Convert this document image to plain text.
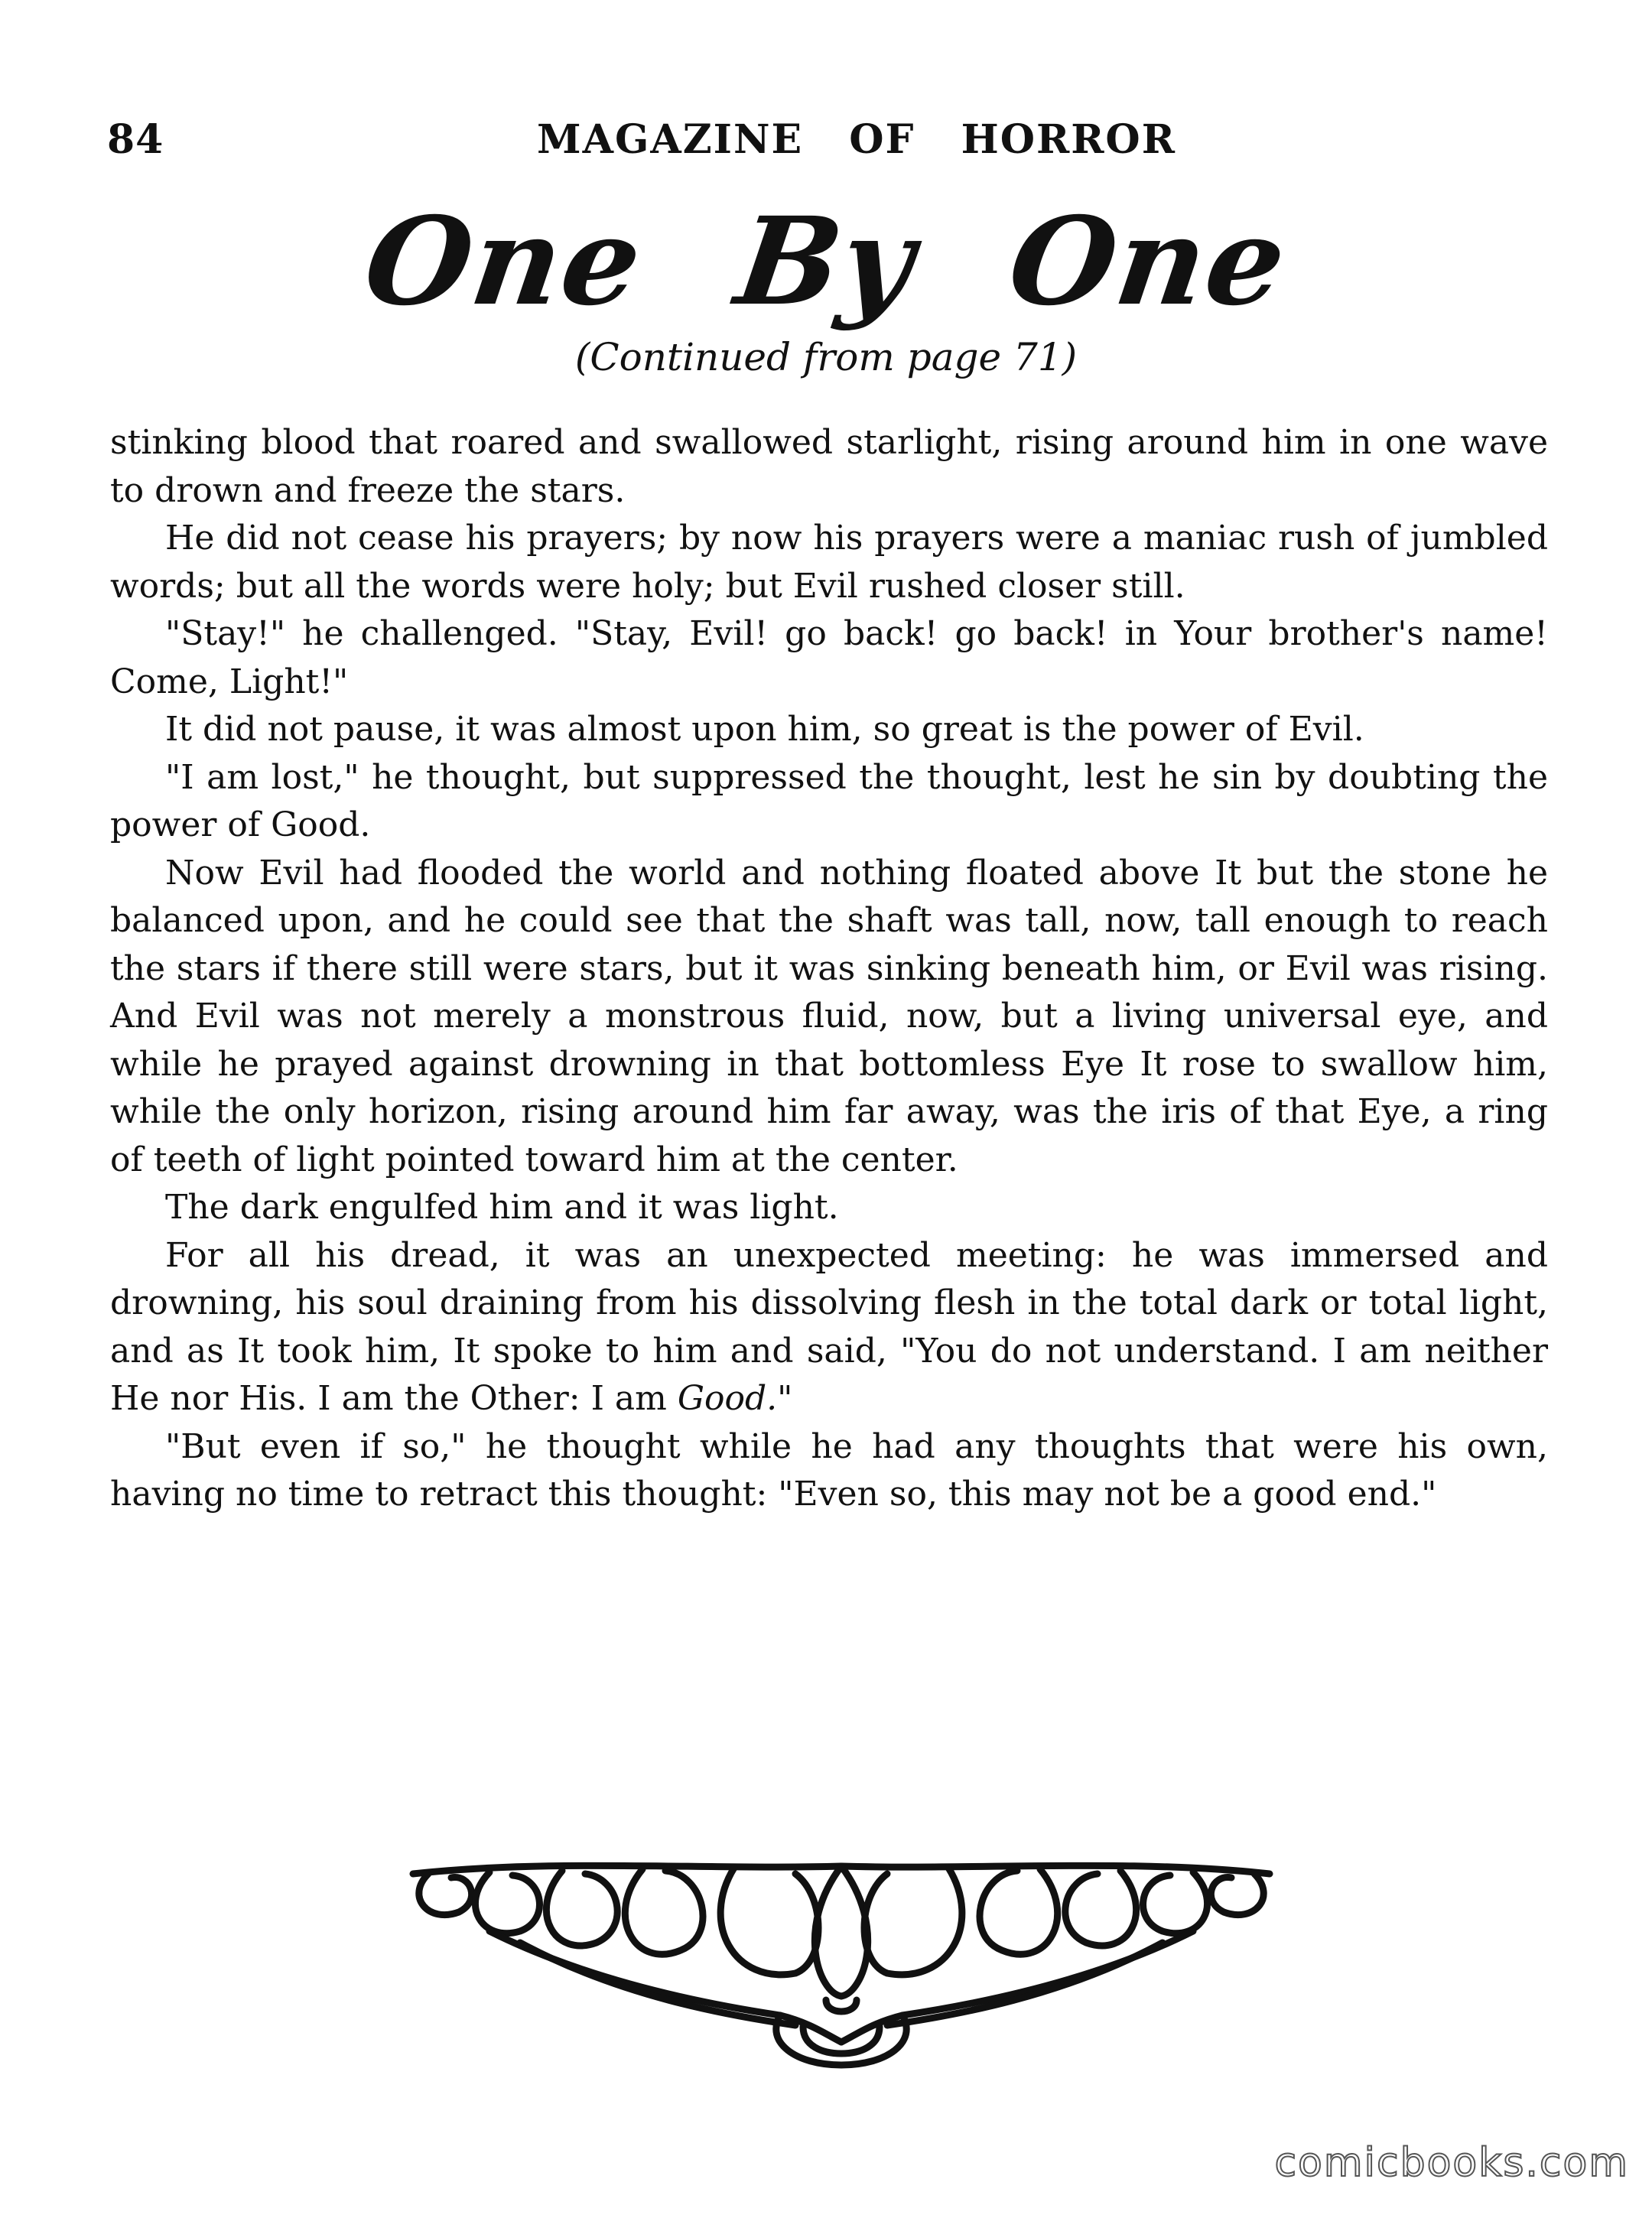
84	MAGAZINE OF HORROR
One By One
(Continued from page 71)

stinking blood that roared and swallowed starlight, rising around him in one wave to drown and freeze the stars.

He did not cease his prayers; by now his prayers were a maniac rush of jumbled words; but all the words were holy; but Evil rushed closer still.

"Stay!" he challenged. "Stay, Evil! go back! go back! in Your brother's name! Come, Light!"

It did not pause, it was almost upon him, so great is the power of Evil.

"I am lost," he thought, but suppressed the thought, lest he sin by doubting the power of Good.

Now Evil had flooded the world and nothing floated above It but the stone he balanced upon, and he could see that the shaft was tall, now, tall enough to reach the stars if there still were stars, but it was sinking beneath him, or Evil was rising. And Evil was not merely a monstrous fluid, now, but a living universal eye, and while he prayed against drowning in that bottomless Eye It rose to swallow him, while the only horizon, rising around him far away, was the iris of that Eye, a ring of teeth of light pointed toward him at the center.

The dark engulfed him and it was light.

For all his dread, it was an unexpected meeting: he was immersed and drowning, his soul draining from his dissolving flesh in the total dark or total light, and as It took him, It spoke to him and said, "You do not understand. I am neither He nor His. I am the Other: I am Good."

"But even if so," he thought while he had any thoughts that were his own, having no time to retract this thought: "Even so, this may not be a good end."

comicbooks.com
